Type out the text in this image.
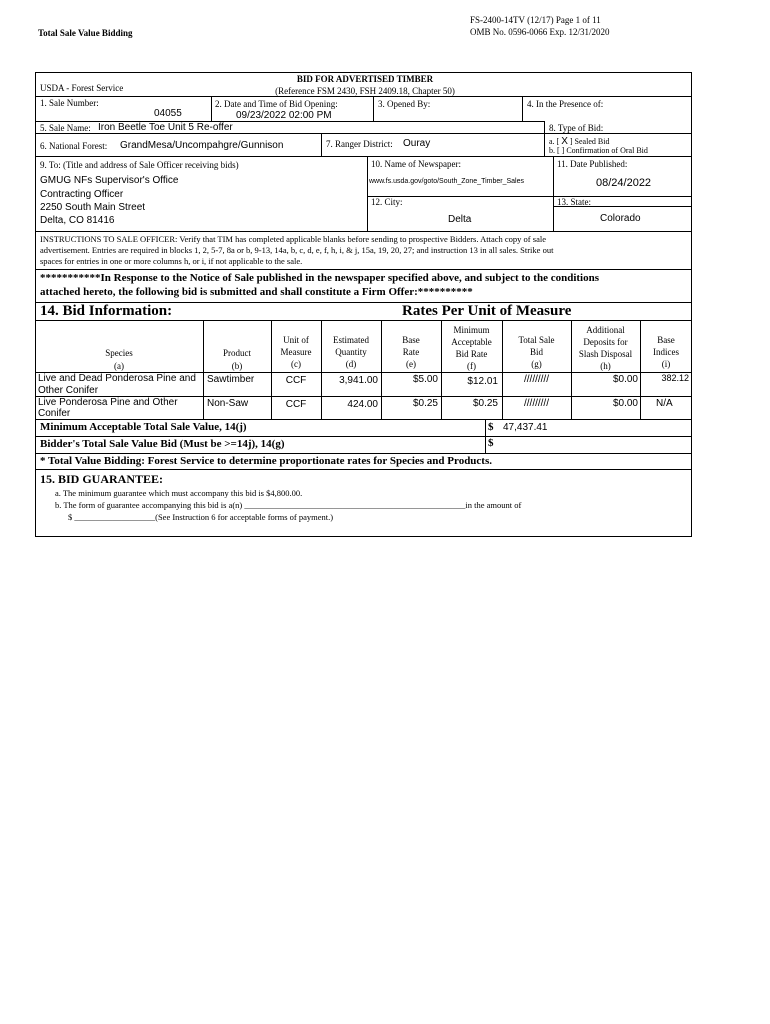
Total Sale Value Bidding
FS-2400-14TV (12/17) Page 1 of 11
OMB No. 0596-0066 Exp. 12/31/2020
USDA - Forest Service
BID FOR ADVERTISED TIMBER
(Reference FSM 2430, FSH 2409.18, Chapter 50)
1. Sale Number:
04055
2. Date and Time of Bid Opening:
09/23/2022 02:00 PM
3. Opened By:	4. In the Presence of:
5. Sale Name: Iron Beetle Toe Unit 5 Re-offer	8. Type of Bid:
6. National Forest: GrandMesa/Uncompahgre/Gunnison	7. Ranger District: Ouray	a. [ X ] Sealed Bid
b. [ ] Confirmation of Oral Bid
9. To: (Title and address of Sale Officer receiving bids)
GMUG NFs Supervisor's Office
Contracting Officer
2250 South Main Street
Delta, CO 81416
10. Name of Newspaper:
www.fs.usda.gov/goto/South_Zone_Timber_Sales
11. Date Published:
08/24/2022
12. City:
Delta
13. State:
Colorado
INSTRUCTIONS TO SALE OFFICER: Verify that TIM has completed applicable blanks before sending to prospective Bidders. Attach copy of sale
advertisement. Entries are required in blocks 1, 2, 5-7, 8a or b, 9-13, 14a, b, c, d, e, f, h, i, & j, 15a, 19, 20, 27; and instruction 13 in all sales. Strike out
spaces for entries in one or more columns h, or i, if not applicable to the sale.
***********In Response to the Notice of Sale published in the newspaper specified above, and subject to the conditions
attached hereto, the following bid is submitted and shall constitute a Firm Offer:**********
14. Bid Information:	Rates Per Unit of Measure
Species
(a)
Product
(b)
Unit of
Measure
(c)
Estimated
Quantity
(d)
Base
Rate
(e)
Minimum
Acceptable
Bid Rate
(f)
Total Sale
Bid
(g)
Additional
Deposits for
Slash Disposal
(h)
Base
Indices
(i)
Live and Dead Ponderosa Pine and
Other Conifer
Sawtimber	CCF	3,941.00	$5.00	$12.01	/////////	$0.00	382.12
Live Ponderosa Pine and Other
Conifer
Non-Saw	CCF	424.00	$0.25	$0.25	/////////	$0.00 N/A
Minimum Acceptable Total Sale Value, 14(j)	$ 47,437.41
Bidder's Total Sale Value Bid (Must be >=14j), 14(g)	$
* Total Value Bidding: Forest Service to determine proportionate rates for Species and Products.
15. BID GUARANTEE:
a. The minimum guarantee which must accompany this bid is $4,800.00.
b. The form of guarantee accompanying this bid is a(n) ____________________________________________________in the amount of
$ ___________________(See Instruction 6 for acceptable forms of payment.)
